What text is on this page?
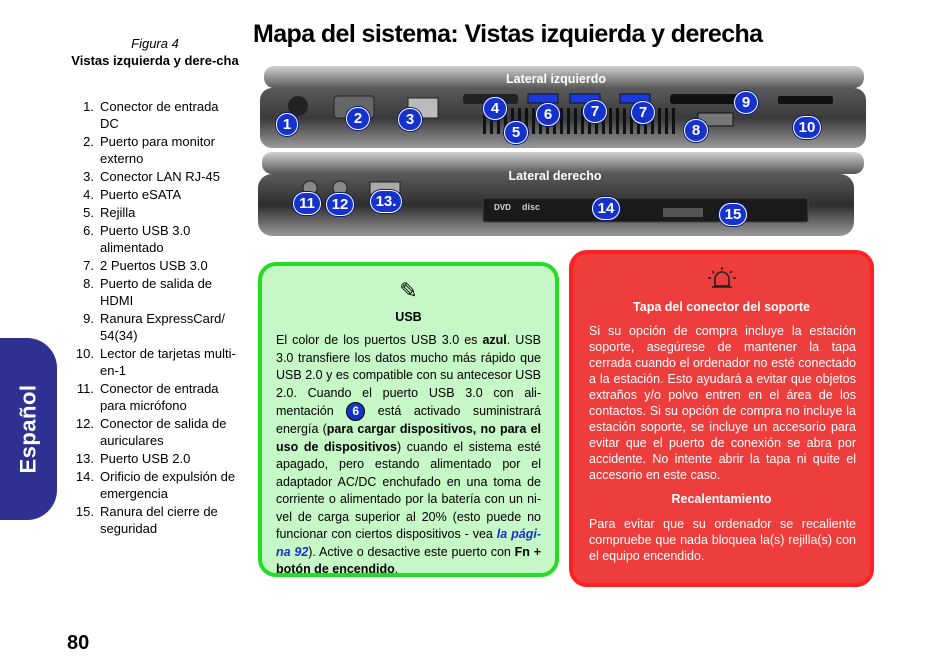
Español
Figura 4
Vistas izquierda y dere-cha
1. Conector de entrada DC
2. Puerto para monitor externo
3. Conector LAN RJ-45
4. Puerto eSATA
5. Rejilla
6. Puerto USB 3.0 alimentado
7. 2 Puertos USB 3.0
8. Puerto de salida de HDMI
9. Ranura ExpressCard/ 54(34)
10. Lector de tarjetas multi-en-1
11. Conector de entrada para micrófono
12. Conector de salida de auriculares
13. Puerto USB 2.0
14. Orificio de expulsión de emergencia
15. Ranura del cierre de seguridad
Mapa del sistema: Vistas izquierda y derecha
Lateral izquierdo
1	2	3
4
5
6	7	7
8
9
10
Lateral derecho
DVD disc
11	12	13.	14	15
✎
USB
El color de los puertos USB 3.0 es azul. USB 3.0 transfiere los datos mucho más rápido que USB 2.0 y es compatible con su antecesor USB 2.0. Cuando el puerto USB 3.0 con ali-mentación 6 está activado suministrará energía (para cargar dispositivos, no para el uso de dispositivos) cuando el sistema esté apagado, pero estando alimentado por el adaptador AC/DC enchufado en una toma de corriente o alimentado por la batería con un ni-vel de carga superior al 20% (esto puede no funcionar con ciertos dispositivos - vea la pági-na 92). Active o desactive este puerto con Fn + botón de encendido.
Tapa del conector del soporte
Si su opción de compra incluye la estación soporte, asegúrese de mantener la tapa cerrada cuando el ordenador no esté conectado a la estación. Esto ayudará a evitar que objetos extraños y/o polvo entren en el área de los contactos. Si su opción de compra no incluye la estación soporte, se incluye un accesorio para evitar que el puerto de conexión se abra por accidente. No intente abrir la tapa ni quite el accesorio en este caso.
Recalentamiento
Para evitar que su ordenador se recaliente compruebe que nada bloquea la(s) rejilla(s) con el equipo encendido.
80
